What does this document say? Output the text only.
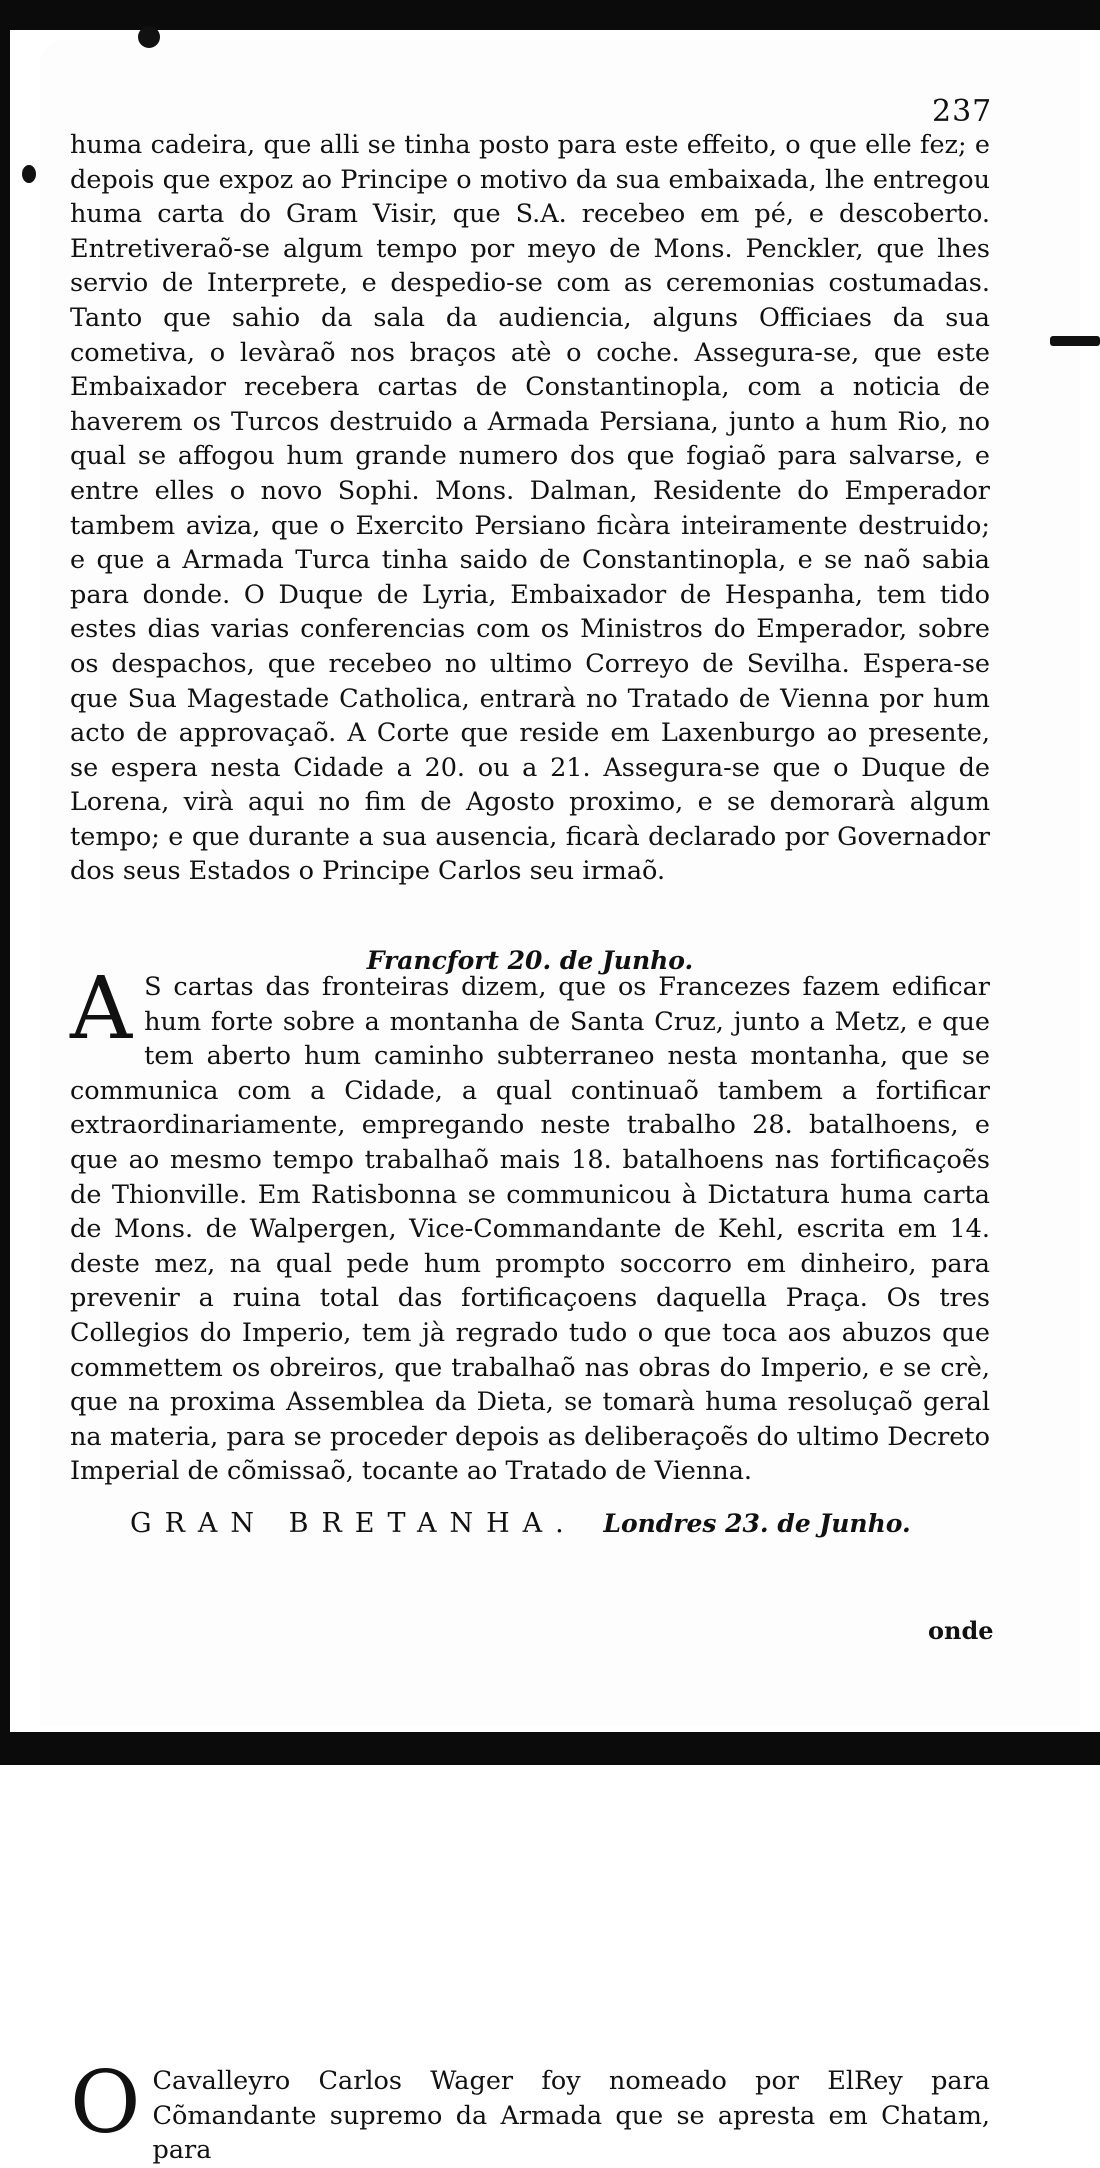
237

huma cadeira, que alli se tinha posto para este effeito, o que elle fez; e depois que expoz ao Principe o motivo da sua embaixada, lhe entregou huma carta do Gram Visir, que S.A. recebeo em pé, e descoberto. Entretiveraõ-se algum tempo por meyo de Mons. Penckler, que lhes servio de Interprete, e despedio-se com as ceremonias costumadas. Tanto que sahio da sala da audiencia, alguns Officiaes da sua cometiva, o levàraõ nos braços atè o coche. Assegura-se, que este Embaixador recebera cartas de Constantinopla, com a noticia de haverem os Turcos destruido a Armada Persiana, junto a hum Rio, no qual se affogou hum grande numero dos que fogiaõ para salvarse, e entre elles o novo Sophi. Mons. Dalman, Residente do Emperador tambem aviza, que o Exercito Persiano ficàra inteiramente destruido; e que a Armada Turca tinha saido de Constantinopla, e se naõ sabia para donde. O Duque de Lyria, Embaixador de Hespanha, tem tido estes dias varias conferencias com os Ministros do Emperador, sobre os despachos, que recebeo no ultimo Correyo de Sevilha. Espera-se que Sua Magestade Catholica, entrarà no Tratado de Vienna por hum acto de approvaçaõ. A Corte que reside em Laxenburgo ao presente, se espera nesta Cidade a 20. ou a 21. Assegura-se que o Duque de Lorena, virà aqui no fim de Agosto proximo, e se demorarà algum tempo; e que durante a sua ausencia, ficarà declarado por Governador dos seus Estados o Principe Carlos seu irmaõ.

Francfort 20. de Junho.

A S cartas das fronteiras dizem, que os Francezes fazem edificar hum forte sobre a montanha de Santa Cruz, junto a Metz, e que tem aberto hum caminho subterraneo nesta montanha, que se communica com a Cidade, a qual continuaõ tambem a fortificar extraordinariamente, empregando neste trabalho 28. batalhoens, e que ao mesmo tempo trabalhaõ mais 18. batalhoens nas fortificaçoẽs de Thionville. Em Ratisbonna se communicou à Dictatura huma carta de Mons. de Walpergen, Vice-Commandante de Kehl, escrita em 14. deste mez, na qual pede hum prompto soccorro em dinheiro, para prevenir a ruina total das fortificaçoens daquella Praça. Os tres Collegios do Imperio, tem jà regrado tudo o que toca aos abuzos que commettem os obreiros, que trabalhaõ nas obras do Imperio, e se crè, que na proxima Assemblea da Dieta, se tomarà huma resoluçaõ geral na materia, para se proceder depois as deliberaçoẽs do ultimo Decreto Imperial de cõmissaõ, tocante ao Tratado de Vienna.

GRAN BRETANHA. Londres 23. de Junho.

O Cavalleyro Carlos Wager foy nomeado por ElRey para Cõmandante supremo da Armada que se apresta em Chatam, para
onde
